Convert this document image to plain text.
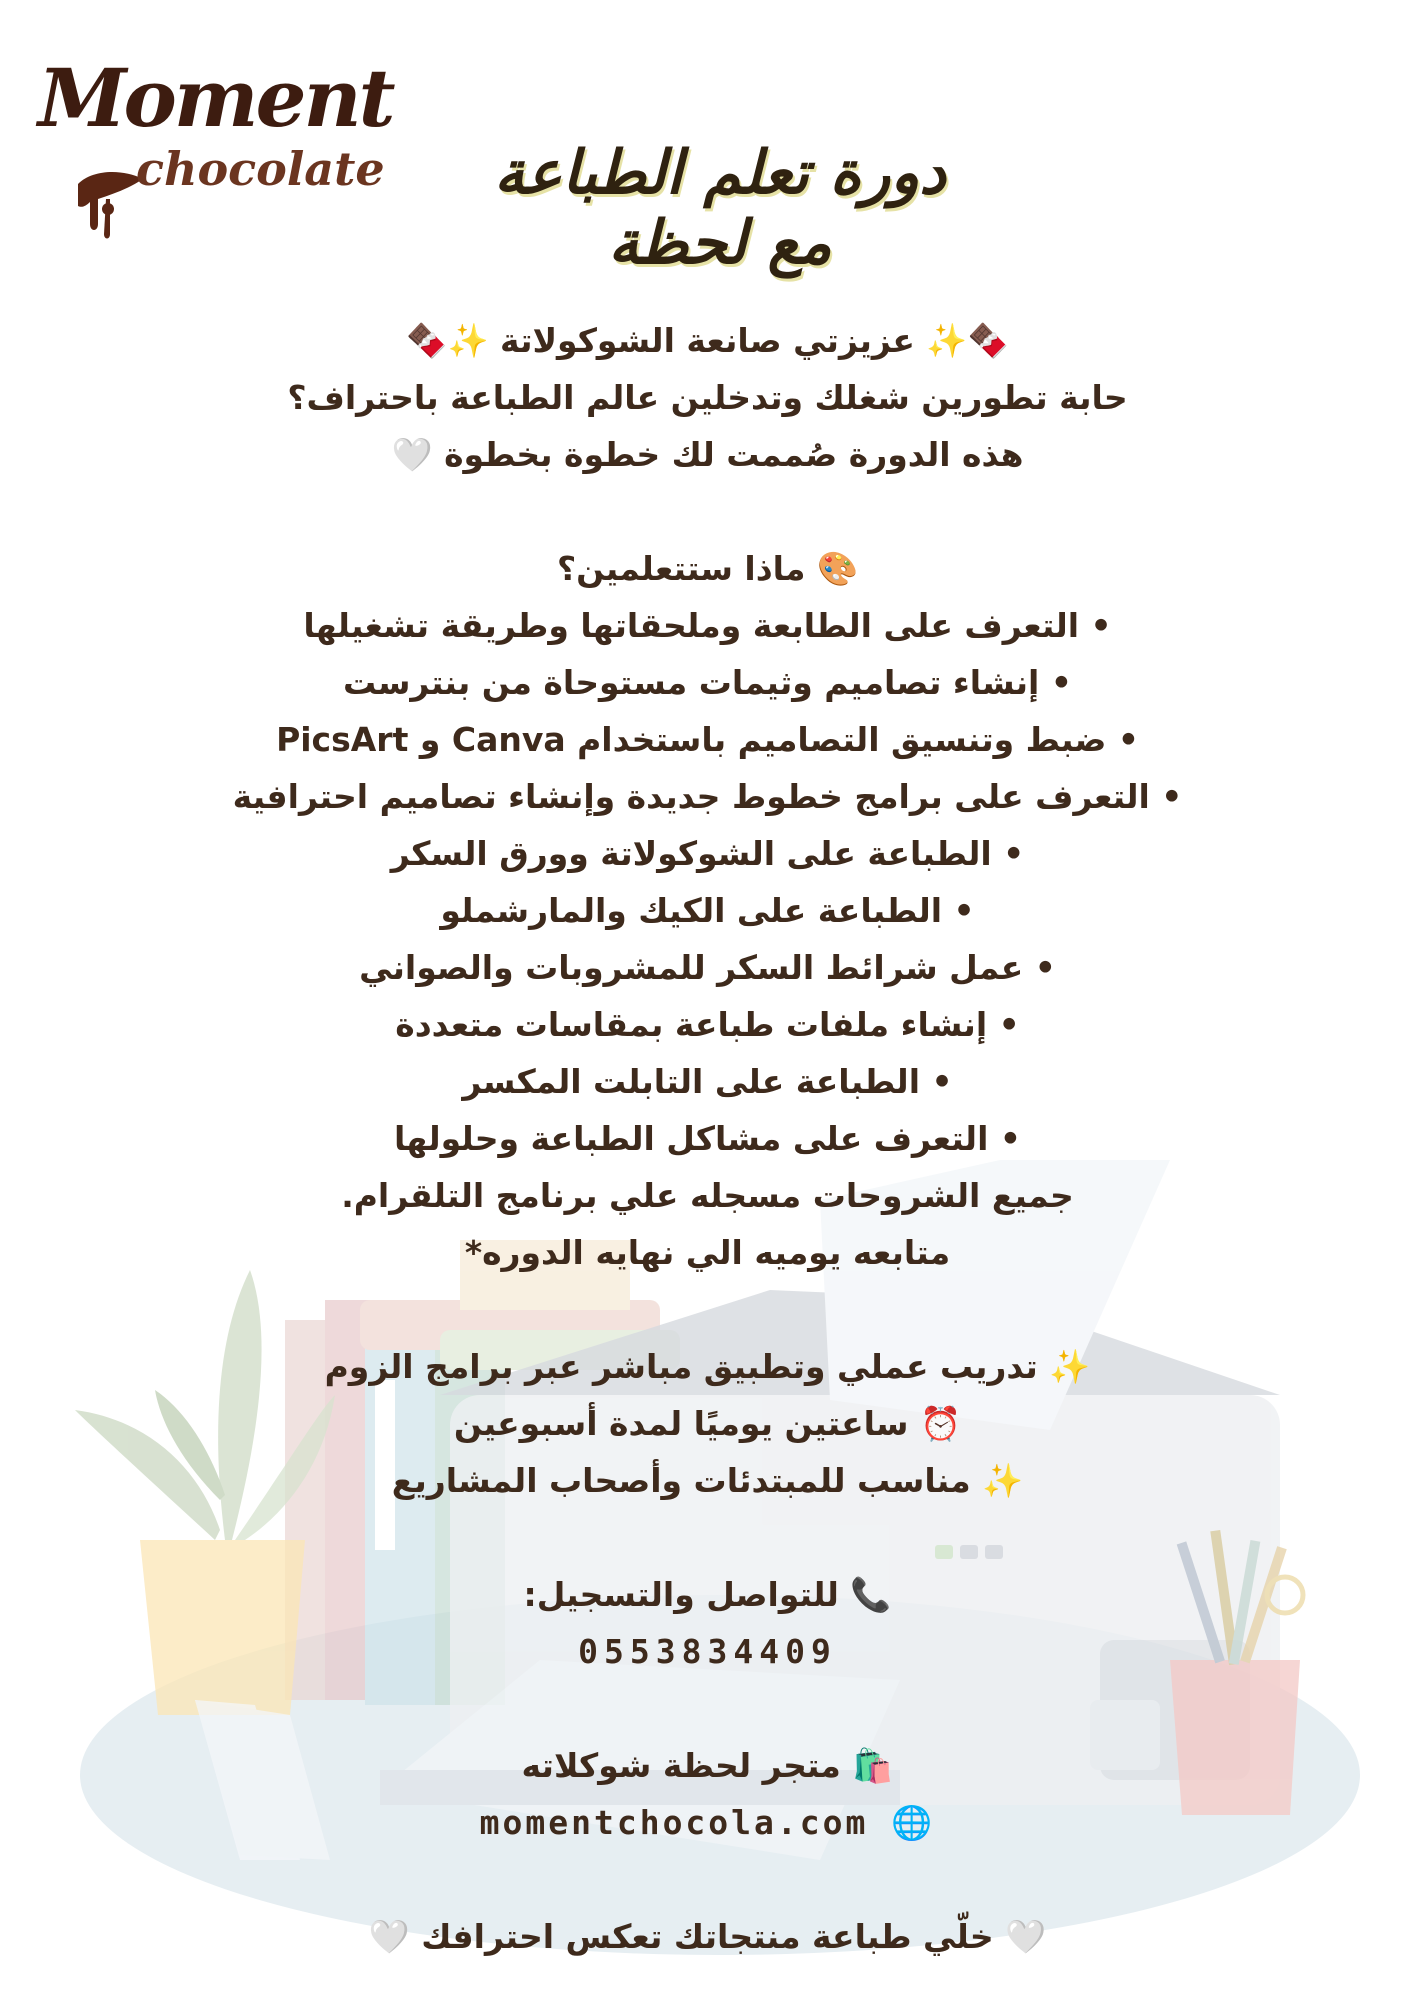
Moment
chocolate	دورة تعلم الطباعة مع لحظة
🍫✨ عزيزتي صانعة الشوكولاتة ✨🍫
حابة تطورين شغلك وتدخلين عالم الطباعة باحتراف؟
هذه الدورة صُممت لك خطوة بخطوة 🤍
🎨 ماذا ستتعلمين؟
• التعرف على الطابعة وملحقاتها وطريقة تشغيلها
• إنشاء تصاميم وثيمات مستوحاة من بنترست
• ضبط وتنسيق التصاميم باستخدام Canva و PicsArt
• التعرف على برامج خطوط جديدة وإنشاء تصاميم احترافية
• الطباعة على الشوكولاتة وورق السكر
• الطباعة على الكيك والمارشملو
• عمل شرائط السكر للمشروبات والصواني
• إنشاء ملفات طباعة بمقاسات متعددة
• الطباعة على التابلت المكسر
• التعرف على مشاكل الطباعة وحلولها
جميع الشروحات مسجله علي برنامج التلقرام.
متابعه يوميه الي نهايه الدوره*
✨ تدريب عملي وتطبيق مباشر عبر برامج الزوم
⏰ ساعتين يوميًا لمدة أسبوعين
✨ مناسب للمبتدئات وأصحاب المشاريع
📞 للتواصل والتسجيل:
0553834409
🛍️ متجر لحظة شوكلاته
🌐 momentchocola.com
🤍 خلّي طباعة منتجاتك تعكس احترافك 🤍
